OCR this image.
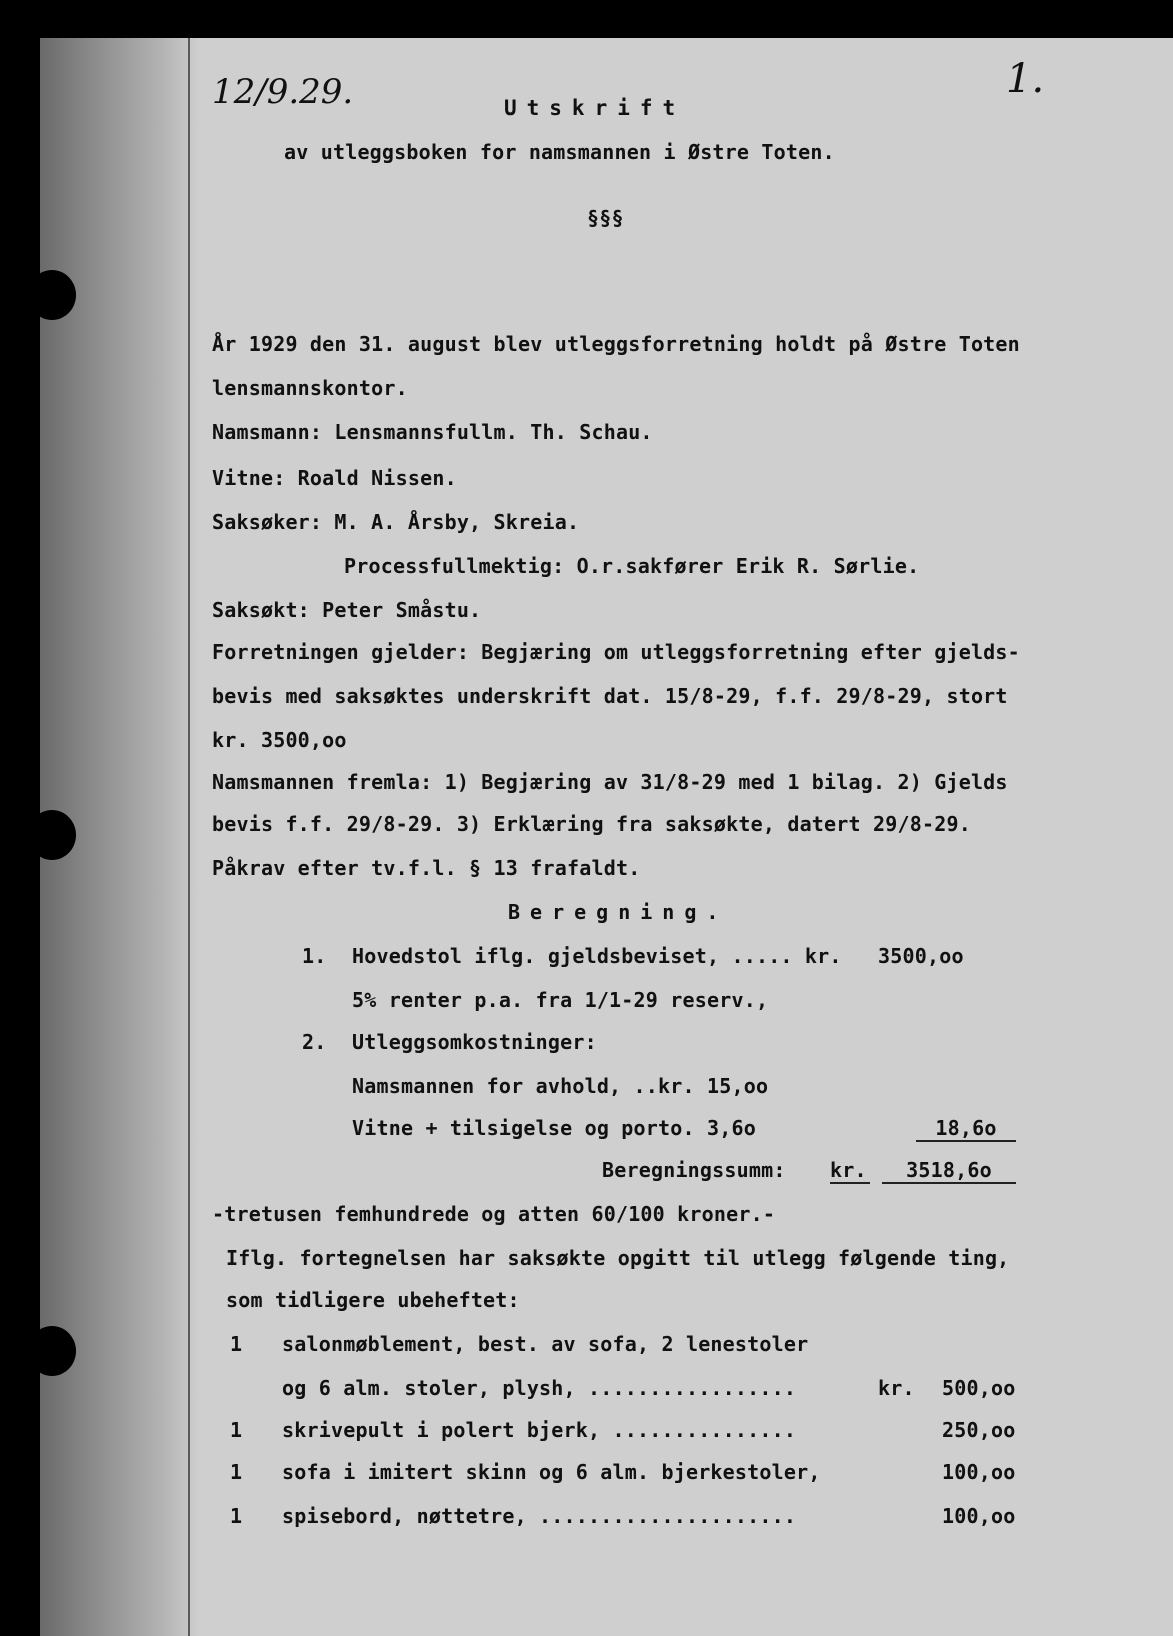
12/9.29.	1.
Utskrift
av utleggsboken for namsmannen i Østre Toten.
§§§
År 1929 den 31. august blev utleggsforretning holdt på Østre Toten
lensmannskontor.
Namsmann: Lensmannsfullm. Th. Schau.
Vitne: Roald Nissen.
Saksøker: M. A. Årsby, Skreia.
Processfullmektig: O.r.sakfører Erik R. Sørlie.
Saksøkt: Peter Småstu.
Forretningen gjelder: Begjæring om utleggsforretning efter gjelds-
bevis med saksøktes underskrift dat. 15/8-29, f.f. 29/8-29, stort
kr. 3500,oo
Namsmannen fremla: 1) Begjæring av 31/8-29 med 1 bilag. 2) Gjelds
bevis f.f. 29/8-29. 3) Erklæring fra saksøkte, datert 29/8-29.
Påkrav efter tv.f.l. § 13 frafaldt.
Beregning.
1. Hovedstol iflg. gjeldsbeviset, ..... kr. 3500,oo
5% renter p.a. fra 1/1-29 reserv.,
2. Utleggsomkostninger:
Namsmannen for avhold, ..kr. 15,oo
Vitne + tilsigelse og porto. 3,6o	18,6o
Beregningssumm: kr.	3518,6o
-tretusen femhundrede og atten 60/100 kroner.-
Iflg. fortegnelsen har saksøkte opgitt til utlegg følgende ting,
som tidligere ubeheftet:
1 salonmøblement, best. av sofa, 2 lenestoler
og 6 alm. stoler, plysh, .................	kr. 500,oo
1 skrivepult i polert bjerk, ...............	250,oo
1 sofa i imitert skinn og 6 alm. bjerkestoler,	100,oo
1 spisebord, nøttetre, .....................	100,oo
